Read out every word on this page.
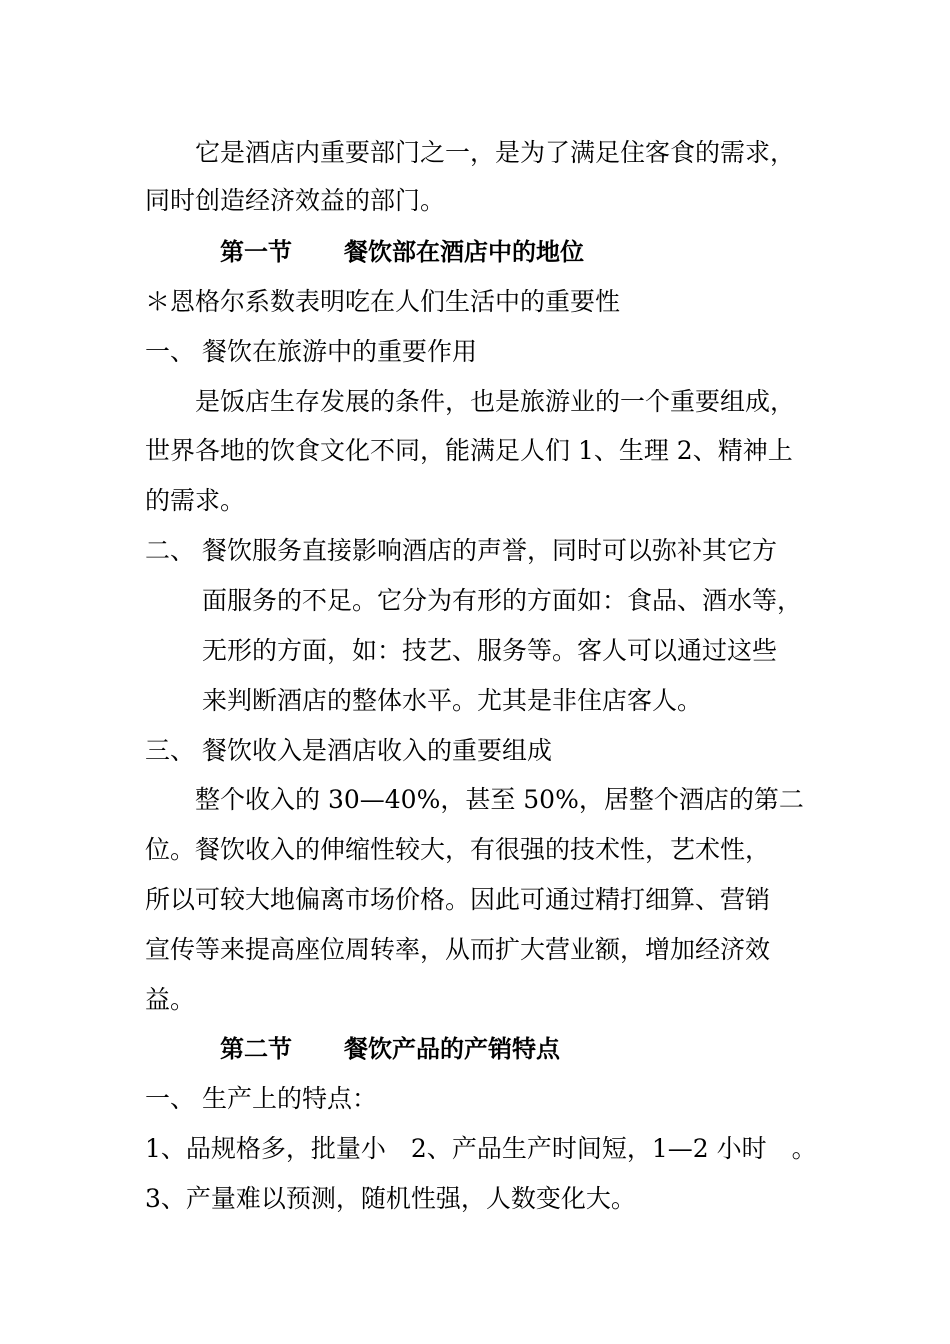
它是酒店内重要部门之一，是为了满足住客食的需求，
同时创造经济效益的部门。
第一节 餐饮部在酒店中的地位
＊恩格尔系数表明吃在人们生活中的重要性
一、 餐饮在旅游中的重要作用
是饭店生存发展的条件，也是旅游业的一个重要组成，
世界各地的饮食文化不同，能满足人们 1、生理 2、精神上
的需求。
二、 餐饮服务直接影响酒店的声誉，同时可以弥补其它方
面服务的不足。它分为有形的方面如：食品、酒水等，
无形的方面，如：技艺、服务等。客人可以通过这些
来判断酒店的整体水平。尤其是非住店客人。
三、 餐饮收入是酒店收入的重要组成
整个收入的 30—40%，甚至 50%，居整个酒店的第二
位。餐饮收入的伸缩性较大，有很强的技术性，艺术性，
所以可较大地偏离市场价格。因此可通过精打细算、营销
宣传等来提高座位周转率，从而扩大营业额，增加经济效
益。
第二节 餐饮产品的产销特点
一、 生产上的特点：
1、品规格多，批量小　2、产品生产时间短，1—2 小时　。
3、产量难以预测，随机性强，人数变化大。
